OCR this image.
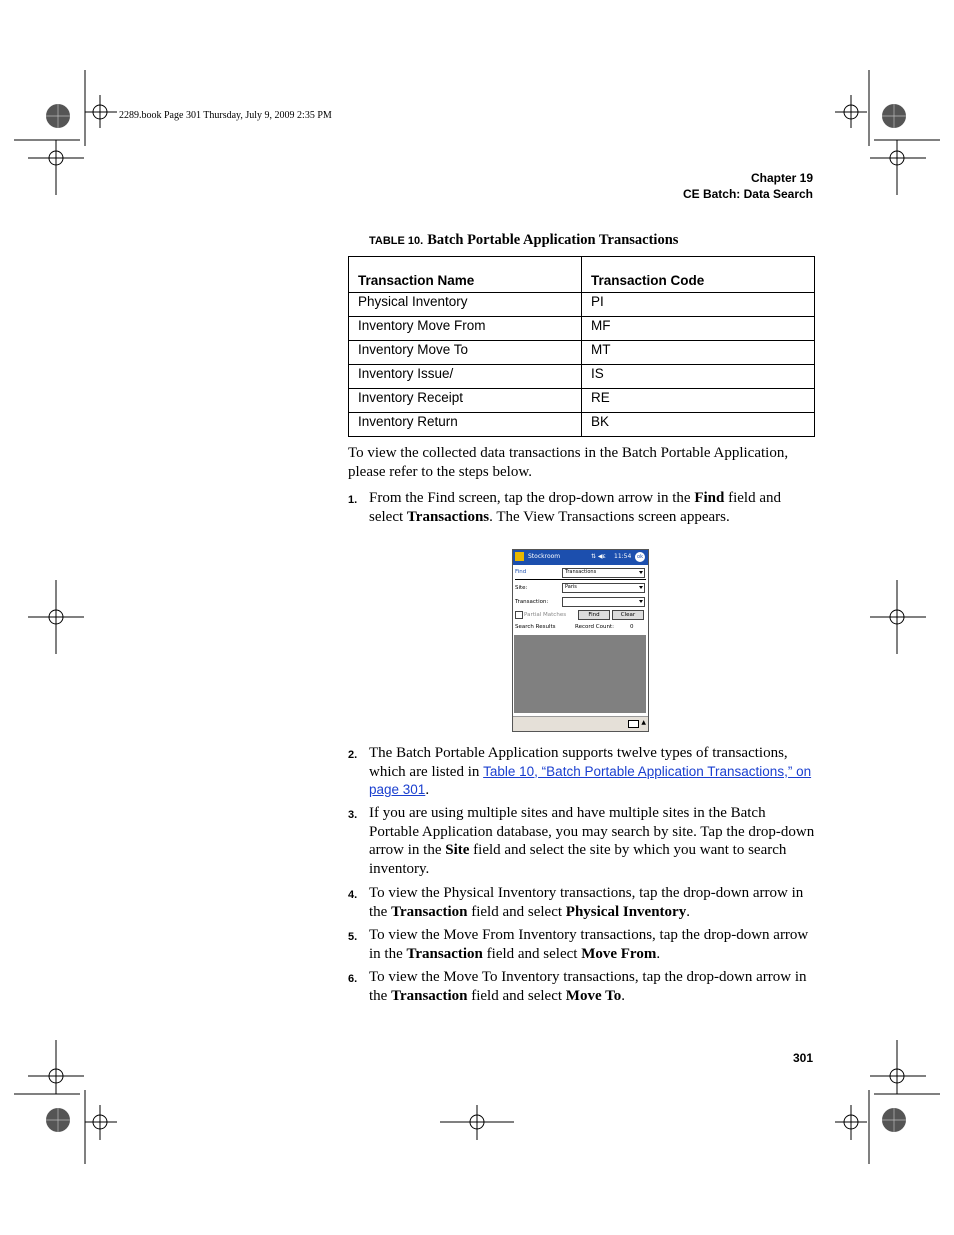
2289.book Page 301 Thursday, July 9, 2009 2:35 PM
Chapter 19
CE Batch: Data Search
TABLE 10. Batch Portable Application Transactions
Transaction Name	Transaction Code
Physical Inventory	PI
Inventory Move From	MF
Inventory Move To	MT
Inventory Issue/	IS
Inventory Receipt	RE
Inventory Return	BK

To view the collected data transactions in the Batch Portable Application, please refer to the steps below.

1. From the Find screen, tap the drop-down arrow in the Find field and select Transactions. The View Transactions screen appears.
Stockroom	⇅ ◀ε 11:54	ok
Find	Transactions
Site:	Paris
Transaction:
Partial Matches	Find	Clear
Search Results	Record Count:	0
▲
2. The Batch Portable Application supports twelve types of transactions, which are listed in Table 10, “Batch Portable Application Transactions,” on page 301.
3. If you are using multiple sites and have multiple sites in the Batch Portable Application database, you may search by site. Tap the drop-down arrow in the Site field and select the site by which you want to search inventory.
4. To view the Physical Inventory transactions, tap the drop-down arrow in the Transaction field and select Physical Inventory.
5. To view the Move From Inventory transactions, tap the drop-down arrow in the Transaction field and select Move From.
6. To view the Move To Inventory transactions, tap the drop-down arrow in the Transaction field and select Move To.
301
